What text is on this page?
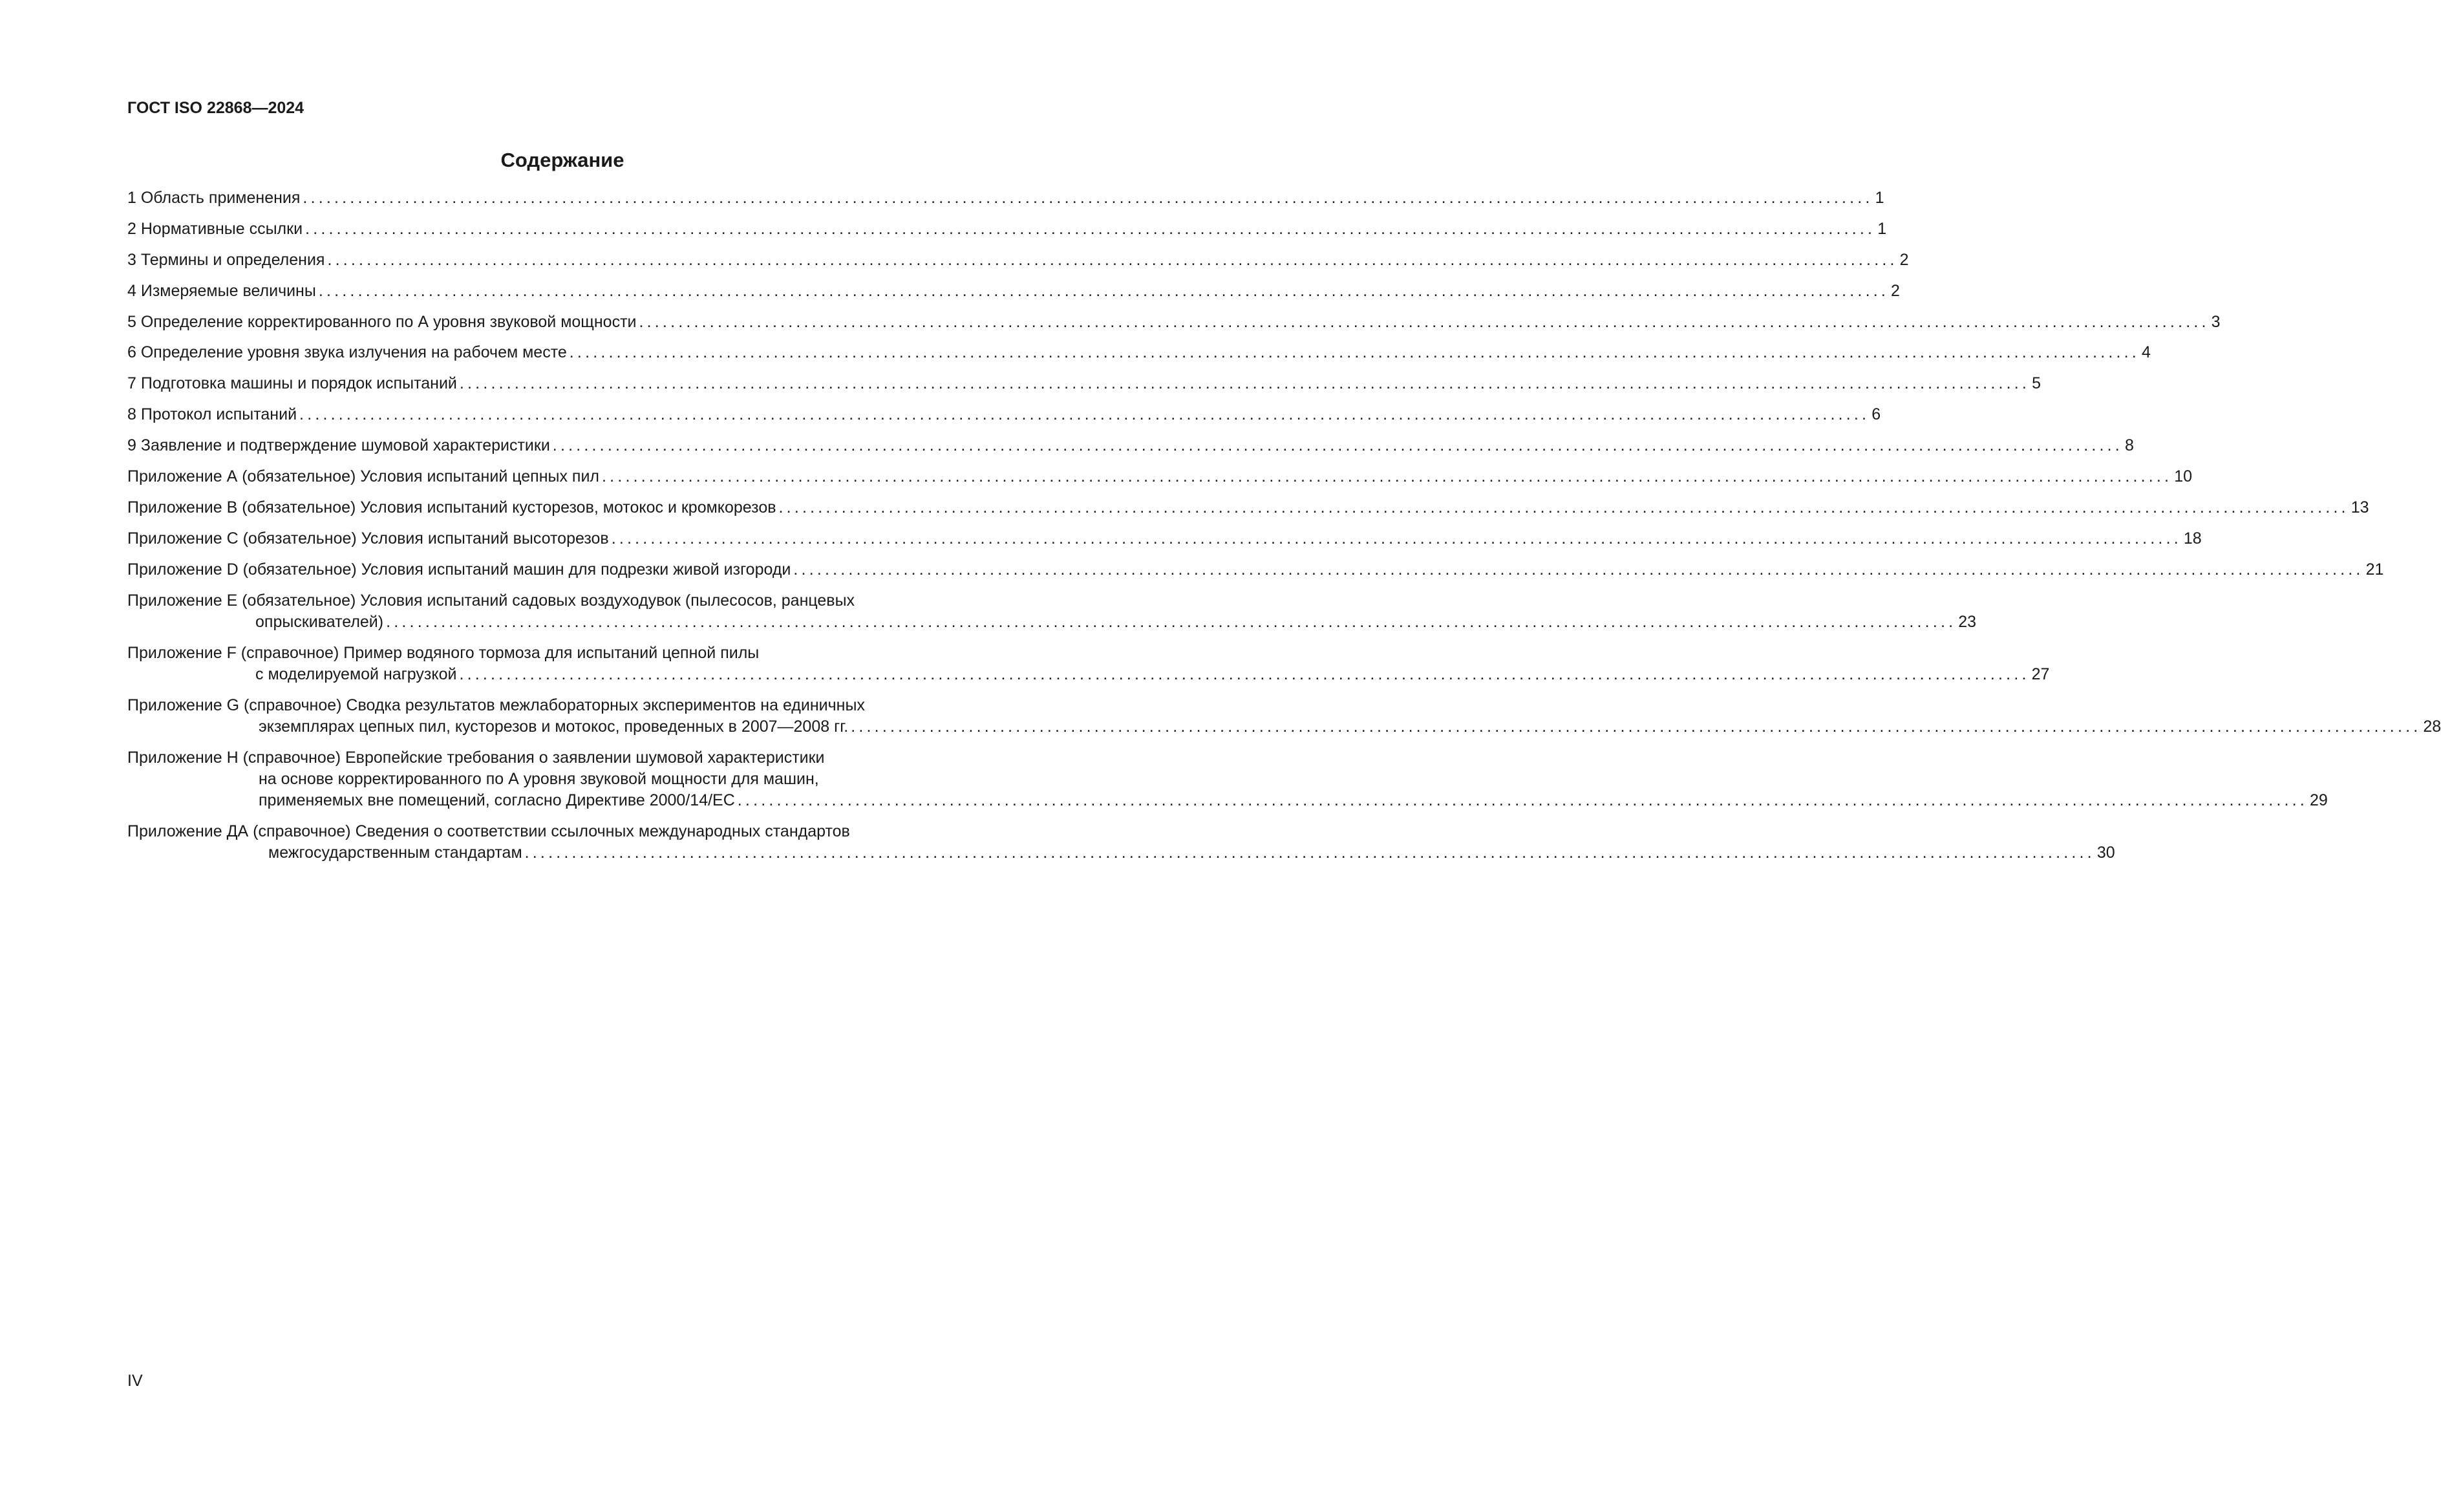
ГОСТ ISO 22868—2024
Содержание
1 Область применения ........................................................................................................................................................................................................ 1
2 Нормативные ссылки ........................................................................................................................................................................................................ 1
3 Термины и определения ........................................................................................................................................................................................................ 2
4 Измеряемые величины ........................................................................................................................................................................................................ 2
5 Определение корректированного по А уровня звуковой мощности ........................................................................................................................................................................................................ 3
6 Определение уровня звука излучения на рабочем месте ........................................................................................................................................................................................................ 4
7 Подготовка машины и порядок испытаний ........................................................................................................................................................................................................ 5
8 Протокол испытаний ........................................................................................................................................................................................................ 6
9 Заявление и подтверждение шумовой характеристики ........................................................................................................................................................................................................ 8
Приложение А (обязательное) Условия испытаний цепных пил ........................................................................................................................................................................................................ 10
Приложение В (обязательное) Условия испытаний кусторезов, мотокос и кромкорезов ........................................................................................................................................................................................................ 13
Приложение С (обязательное) Условия испытаний высоторезов ........................................................................................................................................................................................................ 18
Приложение D (обязательное) Условия испытаний машин для подрезки живой изгороди ........................................................................................................................................................................................................ 21
Приложение Е (обязательное) Условия испытаний садовых воздуходувок (пылесосов, ранцевых
опрыскивателей) ........................................................................................................................................................................................................ 23
Приложение F (справочное) Пример водяного тормоза для испытаний цепной пилы
с моделируемой нагрузкой ........................................................................................................................................................................................................ 27
Приложение G (справочное) Сводка результатов межлабораторных экспериментов на единичных
экземплярах цепных пил, кусторезов и мотокос, проведенных в 2007—2008 гг. ........................................................................................................................................................................................................ 28
Приложение Н (справочное) Европейские требования о заявлении шумовой характеристики
на основе корректированного по А уровня звуковой мощности для машин,
применяемых вне помещений, согласно Директиве 2000/14/ЕС ........................................................................................................................................................................................................ 29
Приложение ДА (справочное) Сведения о соответствии ссылочных международных стандартов
межгосударственным стандартам ........................................................................................................................................................................................................ 30
IV
